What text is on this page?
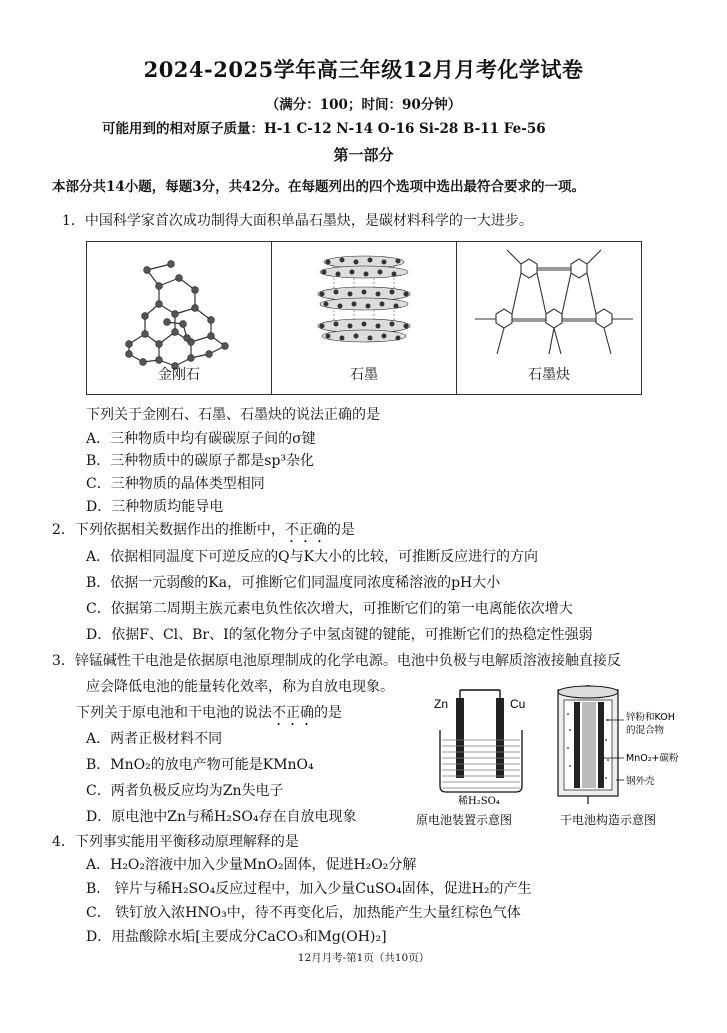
2024-2025学年高三年级12月月考化学试卷
（满分：100；时间：90分钟）
可能用到的相对原子质量：H-1 C-12 N-14 O-16 Si-28 B-11 Fe-56
第一部分
本部分共14小题，每题3分，共42分。在每题列出的四个选项中选出最符合要求的一项。
1．中国科学家首次成功制得大面积单晶石墨炔，是碳材料科学的一大进步。
金刚石	石墨	石墨炔
下列关于金刚石、石墨、石墨炔的说法正确的是
A．三种物质中均有碳碳原子间的σ键
B．三种物质中的碳原子都是sp³杂化
C．三种物质的晶体类型相同
D．三种物质均能导电
2．下列依据相关数据作出的推断中，不正确的是
A．依据相同温度下可逆反应的Q与K大小的比较，可推断反应进行的方向
B．依据一元弱酸的Ka，可推断它们同温度同浓度稀溶液的pH大小
C．依据第二周期主族元素电负性依次增大，可推断它们的第一电离能依次增大
D．依据F、Cl、Br、I的氢化物分子中氢卤键的键能，可推断它们的热稳定性强弱
3．锌锰碱性干电池是依据原电池原理制成的化学电源。电池中负极与电解质溶液接触直接反
应会降低电池的能量转化效率，称为自放电现象。
下列关于原电池和干电池的说法不正确的是
A．两者正极材料不同
B．MnO₂的放电产物可能是KMnO₄
C．两者负极反应均为Zn失电子
D．原电池中Zn与稀H₂SO₄存在自放电现象
Zn	Cu
稀H₂SO₄
原电池装置示意图
锌粉和KOH
的混合物
MnO₂+碳粉
钢外壳
干电池构造示意图
4．下列事实能用平衡移动原理解释的是
A．H₂O₂溶液中加入少量MnO₂固体，促进H₂O₂分解
B． 锌片与稀H₂SO₄反应过程中，加入少量CuSO₄固体，促进H₂的产生
C． 铁钉放入浓HNO₃中，待不再变化后，加热能产生大量红棕色气体
D．用盐酸除水垢[主要成分CaCO₃和Mg(OH)₂]
12月月考-第1页（共10页）
